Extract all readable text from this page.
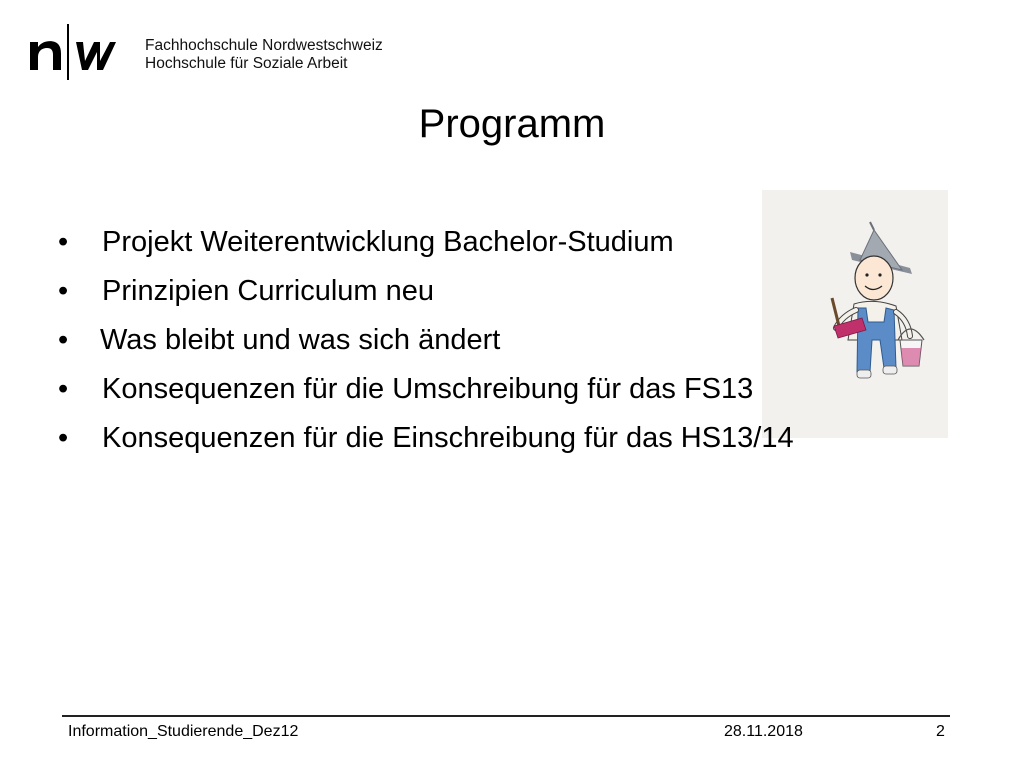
Fachhochschule Nordwestschweiz
Hochschule für Soziale Arbeit
Programm
• Projekt Weiterentwicklung Bachelor-Studium
• Prinzipien Curriculum neu
• Was bleibt und was sich ändert
• Konsequenzen für die Umschreibung für das FS13
• Konsequenzen für die Einschreibung für das HS13/14
Information_Studierende_Dez12	28.11.2018	2
